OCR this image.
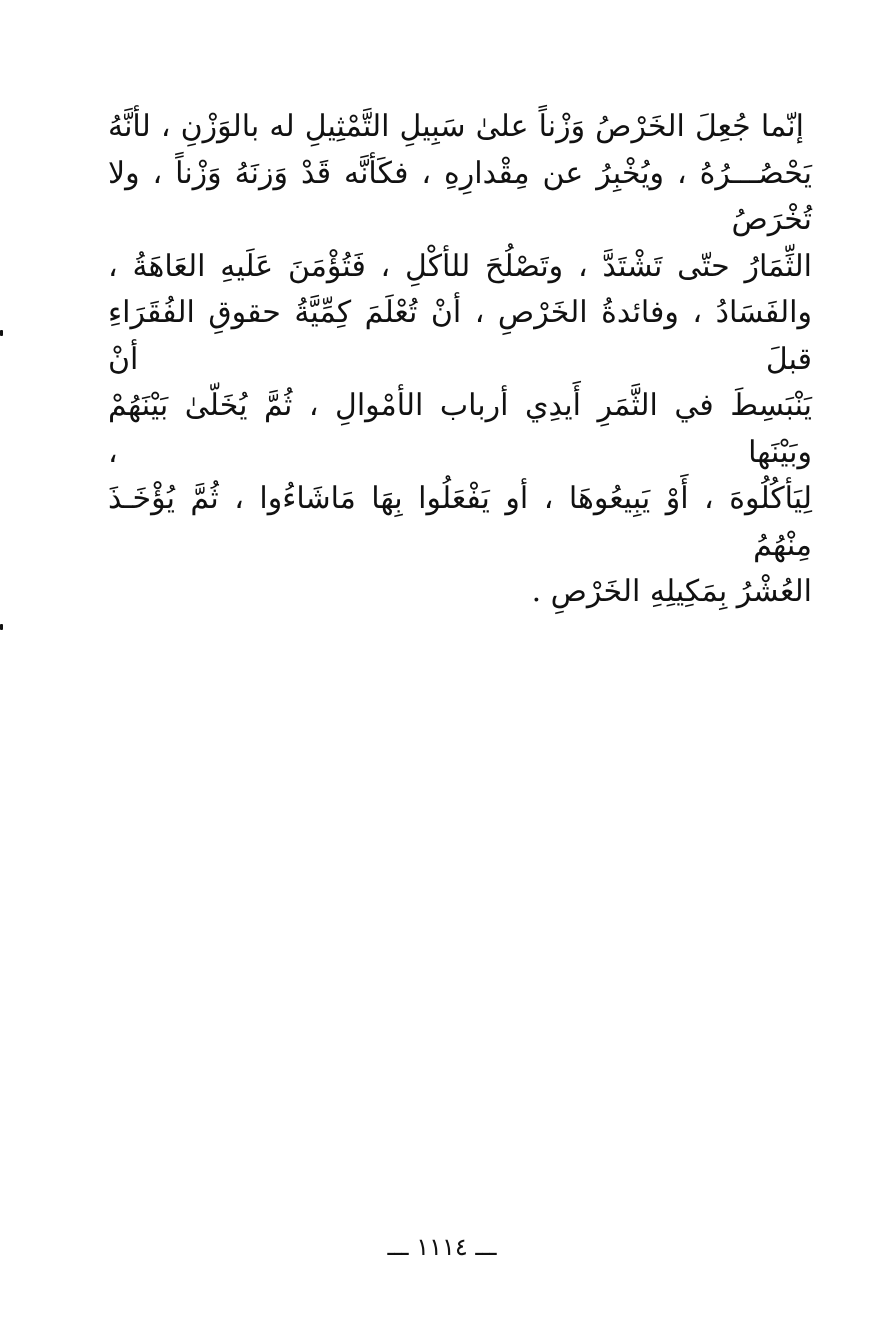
إنّما جُعِلَ الخَرْصُ وَزْناً علىٰ سَبِيلِ التَّمْثِيلِ له بالوَزْنِ ، لأنَّهُ
يَحْصُـــرُهُ ، ويُخْبِرُ عن مِقْدارِهِ ، فكَأنَّه قَدْ وَزنَهُ وَزْناً ، ولا تُخْرَصُ
الثِّمَارُ حتّى تَشْتَدَّ ، وتَصْلُحَ للأكْلِ ، فَتُؤْمَنَ عَلَيهِ العَاهَةُ ،
والفَسَادُ ، وفائدةُ الخَرْصِ ، أنْ تُعْلَمَ كِمِّيَّةُ حقوقِ الفُقَرَاءِ قبلَ أنْ
يَنْبَسِطَ في الثَّمَرِ أَيدِي أرباب الأمْوالِ ، ثُمَّ يُخَلّىٰ بَيْنَهُمْ وبَيْنَها ،
لِيَأكُلُوهَ ، أَوْ يَبِيعُوهَا ، أو يَفْعَلُوا بِهَا مَاشَاءُوا ، ثُمَّ يُؤْخَـذَ مِنْهُمُ
العُشْرُ بِمَكِيلِهِ الخَرْصِ .
ـــ ١١١٤ ـــ
